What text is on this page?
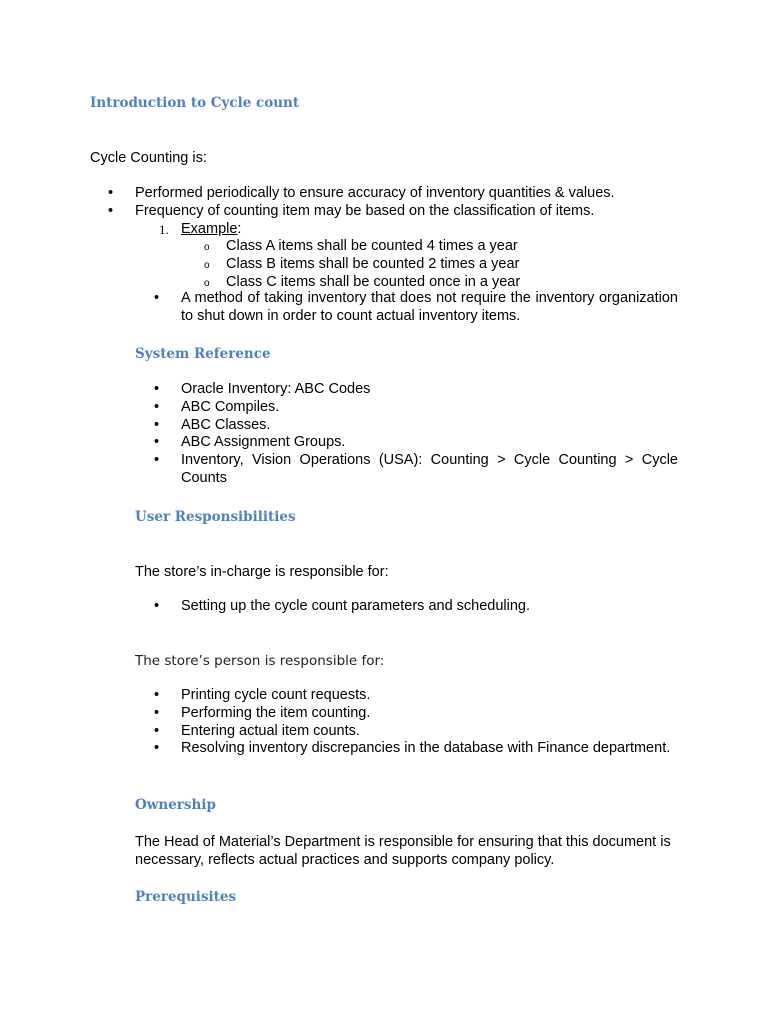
Introduction to Cycle count

Cycle Counting is:

• Performed periodically to ensure accuracy of inventory quantities & values.
• Frequency of counting item may be based on the classification of items.
1. Example:
o Class A items shall be counted 4 times a year
o Class B items shall be counted 2 times a year
o Class C items shall be counted once in a year
• A method of taking inventory that does not require the inventory organization to shut down in order to count actual inventory items.
System Reference
• Oracle Inventory: ABC Codes
• ABC Compiles.
• ABC Classes.
• ABC Assignment Groups.
• Inventory, Vision Operations (USA): Counting > Cycle Counting > Cycle Counts
User Responsibilities

The store’s in-charge is responsible for:

• Setting up the cycle count parameters and scheduling.

The store’s person is responsible for:

• Printing cycle count requests.
• Performing the item counting.
• Entering actual item counts.
• Resolving inventory discrepancies in the database with Finance department.
Ownership

The Head of Material’s Department is responsible for ensuring that this document is necessary, reflects actual practices and supports company policy.

Prerequisites
